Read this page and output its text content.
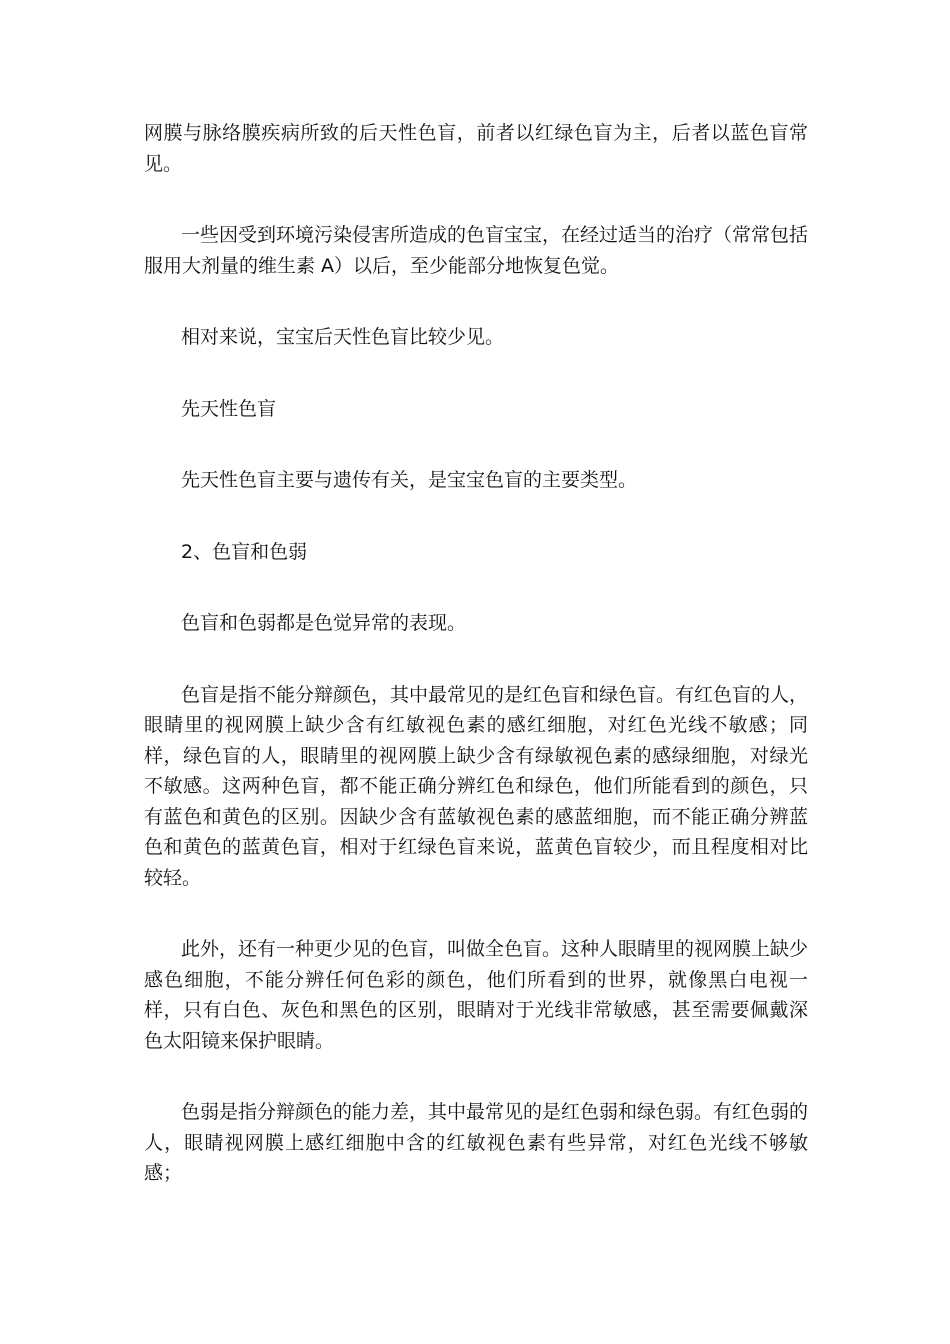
网膜与脉络膜疾病所致的后天性色盲，前者以红绿色盲为主，后者以蓝色盲常见。

一些因受到环境污染侵害所造成的色盲宝宝，在经过适当的治疗（常常包括服用大剂量的维生素 A）以后，至少能部分地恢复色觉。

相对来说，宝宝后天性色盲比较少见。

先天性色盲

先天性色盲主要与遗传有关，是宝宝色盲的主要类型。

2、色盲和色弱

色盲和色弱都是色觉异常的表现。

色盲是指不能分辩颜色，其中最常见的是红色盲和绿色盲。有红色盲的人，眼睛里的视网膜上缺少含有红敏视色素的感红细胞，对红色光线不敏感；同样，绿色盲的人，眼睛里的视网膜上缺少含有绿敏视色素的感绿细胞，对绿光不敏感。这两种色盲，都不能正确分辨红色和绿色，他们所能看到的颜色，只有蓝色和黄色的区别。因缺少含有蓝敏视色素的感蓝细胞，而不能正确分辨蓝色和黄色的蓝黄色盲，相对于红绿色盲来说，蓝黄色盲较少，而且程度相对比较轻。

此外，还有一种更少见的色盲，叫做全色盲。这种人眼睛里的视网膜上缺少感色细胞，不能分辨任何色彩的颜色，他们所看到的世界，就像黑白电视一样，只有白色、灰色和黑色的区别，眼睛对于光线非常敏感，甚至需要佩戴深色太阳镜来保护眼睛。

色弱是指分辩颜色的能力差，其中最常见的是红色弱和绿色弱。有红色弱的人，眼睛视网膜上感红细胞中含的红敏视色素有些异常，对红色光线不够敏感；
